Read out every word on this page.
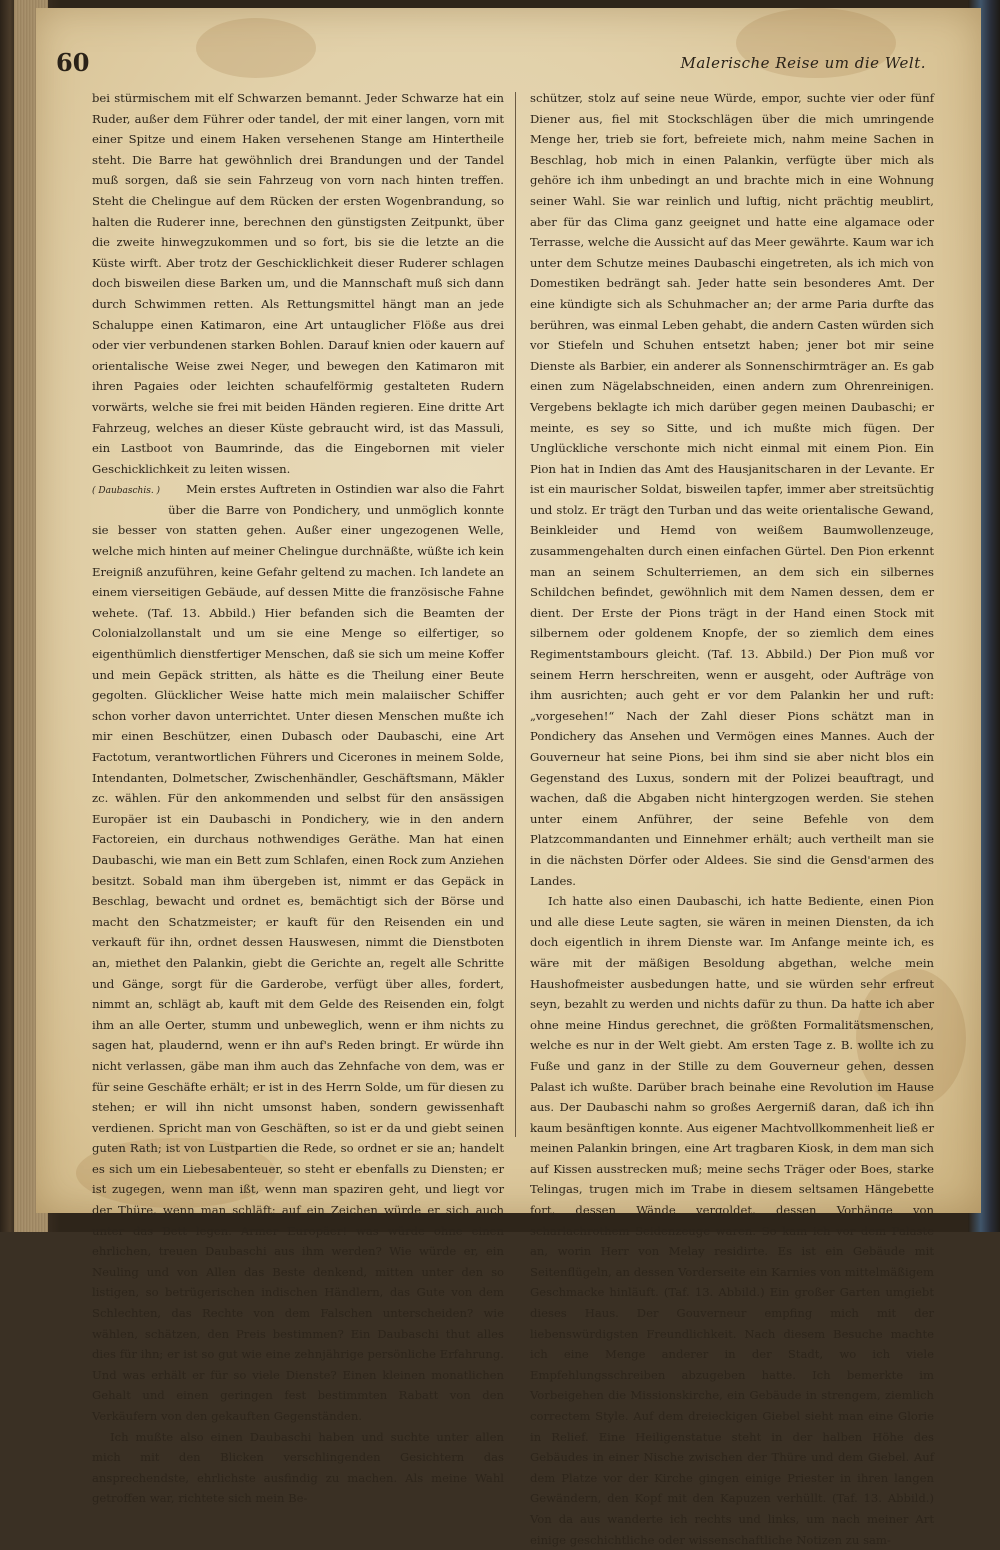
60	Malerische Reise um die Welt.

bei stürmischem mit elf Schwarzen bemannt. Jeder Schwarze hat ein Ruder, außer dem Führer oder tandel, der mit einer langen, vorn mit einer Spitze und einem Haken versehenen Stange am Hintertheile steht. Die Barre hat gewöhnlich drei Brandungen und der Tandel muß sorgen, daß sie sein Fahrzeug von vorn nach hinten treffen. Steht die Chelingue auf dem Rücken der ersten Wogenbrandung, so halten die Ruderer inne, berechnen den günstigsten Zeitpunkt, über die zweite hinwegzukommen und so fort, bis sie die letzte an die Küste wirft. Aber trotz der Geschicklichkeit dieser Ruderer schlagen doch bisweilen diese Barken um, und die Mannschaft muß sich dann durch Schwimmen retten. Als Rettungsmittel hängt man an jede Schaluppe einen Katimaron, eine Art untauglicher Flöße aus drei oder vier verbundenen starken Bohlen. Darauf knien oder kauern auf orientalische Weise zwei Neger, und bewegen den Katimaron mit ihren Pagaies oder leichten schaufelförmig gestalteten Rudern vorwärts, welche sie frei mit beiden Händen regieren. Eine dritte Art Fahrzeug, welches an dieser Küste gebraucht wird, ist das Massuli, ein Lastboot von Baumrinde, das die Eingebornen mit vieler Geschicklichkeit zu leiten wissen.

( Daubaschis. ) Mein erstes Auftreten in Ostindien war also die Fahrt über die Barre von Pondichery, und unmöglich konnte sie besser von statten gehen. Außer einer ungezogenen Welle, welche mich hinten auf meiner Chelingue durchnäßte, wüßte ich kein Ereigniß anzuführen, keine Gefahr geltend zu machen. Ich landete an einem vierseitigen Gebäude, auf dessen Mitte die französische Fahne wehete. (Taf. 13. Abbild.) Hier befanden sich die Beamten der Colonialzollanstalt und um sie eine Menge so eilfertiger, so eigenthümlich dienstfertiger Menschen, daß sie sich um meine Koffer und mein Gepäck stritten, als hätte es die Theilung einer Beute gegolten. Glücklicher Weise hatte mich mein malaiischer Schiffer schon vorher davon unterrichtet. Unter diesen Menschen mußte ich mir einen Beschützer, einen Dubasch oder Daubaschi, eine Art Factotum, verantwortlichen Führers und Cicerones in meinem Solde, Intendanten, Dolmetscher, Zwischenhändler, Geschäftsmann, Mäkler zc. wählen. Für den ankommenden und selbst für den ansässigen Europäer ist ein Daubaschi in Pondichery, wie in den andern Factoreien, ein durchaus nothwendiges Geräthe. Man hat einen Daubaschi, wie man ein Bett zum Schlafen, einen Rock zum Anziehen besitzt. Sobald man ihm übergeben ist, nimmt er das Gepäck in Beschlag, bewacht und ordnet es, bemächtigt sich der Börse und macht den Schatzmeister; er kauft für den Reisenden ein und verkauft für ihn, ordnet dessen Hauswesen, nimmt die Dienstboten an, miethet den Palankin, giebt die Gerichte an, regelt alle Schritte und Gänge, sorgt für die Garderobe, verfügt über alles, fordert, nimmt an, schlägt ab, kauft mit dem Gelde des Reisenden ein, folgt ihm an alle Oerter, stumm und unbeweglich, wenn er ihm nichts zu sagen hat, plaudernd, wenn er ihn auf's Reden bringt. Er würde ihn nicht verlassen, gäbe man ihm auch das Zehnfache von dem, was er für seine Geschäfte erhält; er ist in des Herrn Solde, um für diesen zu stehen; er will ihn nicht umsonst haben, sondern gewissenhaft verdienen. Spricht man von Geschäften, so ist er da und giebt seinen guten Rath; ist von Lustpartien die Rede, so ordnet er sie an; handelt es sich um ein Liebesabenteuer, so steht er ebenfalls zu Diensten; er ist zugegen, wenn man ißt, wenn man spaziren geht, und liegt vor der Thüre, wenn man schläft; auf ein Zeichen würde er sich auch unter das Bett legen. Armer Europäer! was würde ohne einen ehrlichen, treuen Daubaschi aus ihm werden? Wie würde er, ein Neuling und von Allen das Beste denkend, mitten unter den so listigen, so betrügerischen indischen Händlern, das Gute von dem Schlechten, das Rechte von dem Falschen unterscheiden? wie wählen, schätzen, den Preis bestimmen? Ein Daubaschi thut alles dies für ihn; er ist so gut wie eine zehnjährige persönliche Erfahrung. Und was erhält er für so viele Dienste? Einen kleinen monatlichen Gehalt und einen geringen fest bestimmten Rabatt von den Verkäufern von den gekauften Gegenständen.

Ich mußte also einen Daubaschi haben und suchte unter allen mich mit den Blicken verschlingenden Gesichtern das ansprechendste, ehrlichste ausfindig zu machen. Als meine Wahl getroffen war, richtete sich mein Be-

schützer, stolz auf seine neue Würde, empor, suchte vier oder fünf Diener aus, fiel mit Stockschlägen über die mich umringende Menge her, trieb sie fort, befreiete mich, nahm meine Sachen in Beschlag, hob mich in einen Palankin, verfügte über mich als gehöre ich ihm unbedingt an und brachte mich in eine Wohnung seiner Wahl. Sie war reinlich und luftig, nicht prächtig meublirt, aber für das Clima ganz geeignet und hatte eine algamace oder Terrasse, welche die Aussicht auf das Meer gewährte. Kaum war ich unter dem Schutze meines Daubaschi eingetreten, als ich mich von Domestiken bedrängt sah. Jeder hatte sein besonderes Amt. Der eine kündigte sich als Schuhmacher an; der arme Paria durfte das berühren, was einmal Leben gehabt, die andern Casten würden sich vor Stiefeln und Schuhen entsetzt haben; jener bot mir seine Dienste als Barbier, ein anderer als Sonnenschirmträger an. Es gab einen zum Nägelabschneiden, einen andern zum Ohrenreinigen. Vergebens beklagte ich mich darüber gegen meinen Daubaschi; er meinte, es sey so Sitte, und ich mußte mich fügen. Der Unglückliche verschonte mich nicht einmal mit einem Pion. Ein Pion hat in Indien das Amt des Hausjanitscharen in der Levante. Er ist ein maurischer Soldat, bisweilen tapfer, immer aber streitsüchtig und stolz. Er trägt den Turban und das weite orientalische Gewand, Beinkleider und Hemd von weißem Baumwollenzeuge, zusammengehalten durch einen einfachen Gürtel. Den Pion erkennt man an seinem Schulterriemen, an dem sich ein silbernes Schildchen befindet, gewöhnlich mit dem Namen dessen, dem er dient. Der Erste der Pions trägt in der Hand einen Stock mit silbernem oder goldenem Knopfe, der so ziemlich dem eines Regimentstambours gleicht. (Taf. 13. Abbild.) Der Pion muß vor seinem Herrn herschreiten, wenn er ausgeht, oder Aufträge von ihm ausrichten; auch geht er vor dem Palankin her und ruft: „vorgesehen!“ Nach der Zahl dieser Pions schätzt man in Pondichery das Ansehen und Vermögen eines Mannes. Auch der Gouverneur hat seine Pions, bei ihm sind sie aber nicht blos ein Gegenstand des Luxus, sondern mit der Polizei beauftragt, und wachen, daß die Abgaben nicht hintergzogen werden. Sie stehen unter einem Anführer, der seine Befehle von dem Platzcommandanten und Einnehmer erhält; auch vertheilt man sie in die nächsten Dörfer oder Aldees. Sie sind die Gensd'armen des Landes.

Ich hatte also einen Daubaschi, ich hatte Bediente, einen Pion und alle diese Leute sagten, sie wären in meinen Diensten, da ich doch eigentlich in ihrem Dienste war. Im Anfange meinte ich, es wäre mit der mäßigen Besoldung abgethan, welche mein Haushofmeister ausbedungen hatte, und sie würden sehr erfreut seyn, bezahlt zu werden und nichts dafür zu thun. Da hatte ich aber ohne meine Hindus gerechnet, die größten Formalitätsmenschen, welche es nur in der Welt giebt. Am ersten Tage z. B. wollte ich zu Fuße und ganz in der Stille zu dem Gouverneur gehen, dessen Palast ich wußte. Darüber brach beinahe eine Revolution im Hause aus. Der Daubaschi nahm so großes Aergerniß daran, daß ich ihn kaum besänftigen konnte. Aus eigener Machtvollkommenheit ließ er meinen Palankin bringen, eine Art tragbaren Kiosk, in dem man sich auf Kissen ausstrecken muß; meine sechs Träger oder Boes, starke Telingas, trugen mich im Trabe in diesem seltsamen Hängebette fort, dessen Wände vergoldet, dessen Vorhänge von scharlachrothem Seidenzeuge waren. So kam ich vor dem Palaste an, worin Herr von Melay residirte. Es ist ein Gebäude mit Seitenflügeln, an dessen Vorderseite ein Karnies von mittelmäßigem Geschmacke hinläuft. (Taf. 13. Abbild.) Ein großer Garten umgiebt dieses Haus. Der Gouverneur empfing mich mit der liebenswürdigsten Freundlichkeit. Nach diesem Besuche machte ich eine Menge anderer in der Stadt, wo ich viele Empfehlungsschreiben abzugeben hatte. Ich bemerkte im Vorbeigehen die Missionskirche, ein Gebäude in strengem, ziemlich correctem Style. Auf dem dreieckigen Giebel sieht man eine Glorie in Relief. Eine Heiligenstatue steht in der halben Höhe des Gebäudes in einer Nische zwischen der Thüre und dem Giebel. Auf dem Platze vor der Kirche gingen einige Priester in ihren langen Gewändern, den Kopf mit den Kapuzen verhüllt. (Taf. 13. Abbild.) Von da aus wanderte ich rechts und links, um nach meiner Art einige geschichtliche oder wissenschaftliche Notizen zu sam-
